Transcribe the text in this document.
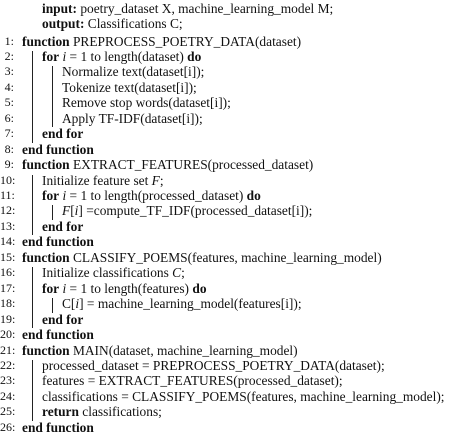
input: poetry_dataset X, machine_learning_model M;
output: Classifications C;
1: function PREPROCESS_POETRY_DATA(dataset)
2: for i = 1 to length(dataset) do
3:	Normalize text(dataset[i]);
4:	Tokenize text(dataset[i]);
5:	Remove stop words(dataset[i]);
6:	Apply TF-IDF(dataset[i]);
7: end for
8: end function
9: function EXTRACT_FEATURES(processed_dataset)
10: Initialize feature set F;
11: for i = 1 to length(processed_dataset) do
12:	F[i] =compute_TF_IDF(processed_dataset[i]);
13: end for
14: end function
15: function CLASSIFY_POEMS(features, machine_learning_model)
16: Initialize classifications C;
17: for i = 1 to length(features) do
18:	C[i] = machine_learning_model(features[i]);
19: end for
20: end function
21: function MAIN(dataset, machine_learning_model)
22: processed_dataset = PREPROCESS_POETRY_DATA(dataset);
23: features = EXTRACT_FEATURES(processed_dataset);
24: classifications = CLASSIFY_POEMS(features, machine_learning_model);
25: return classifications;
26: end function
